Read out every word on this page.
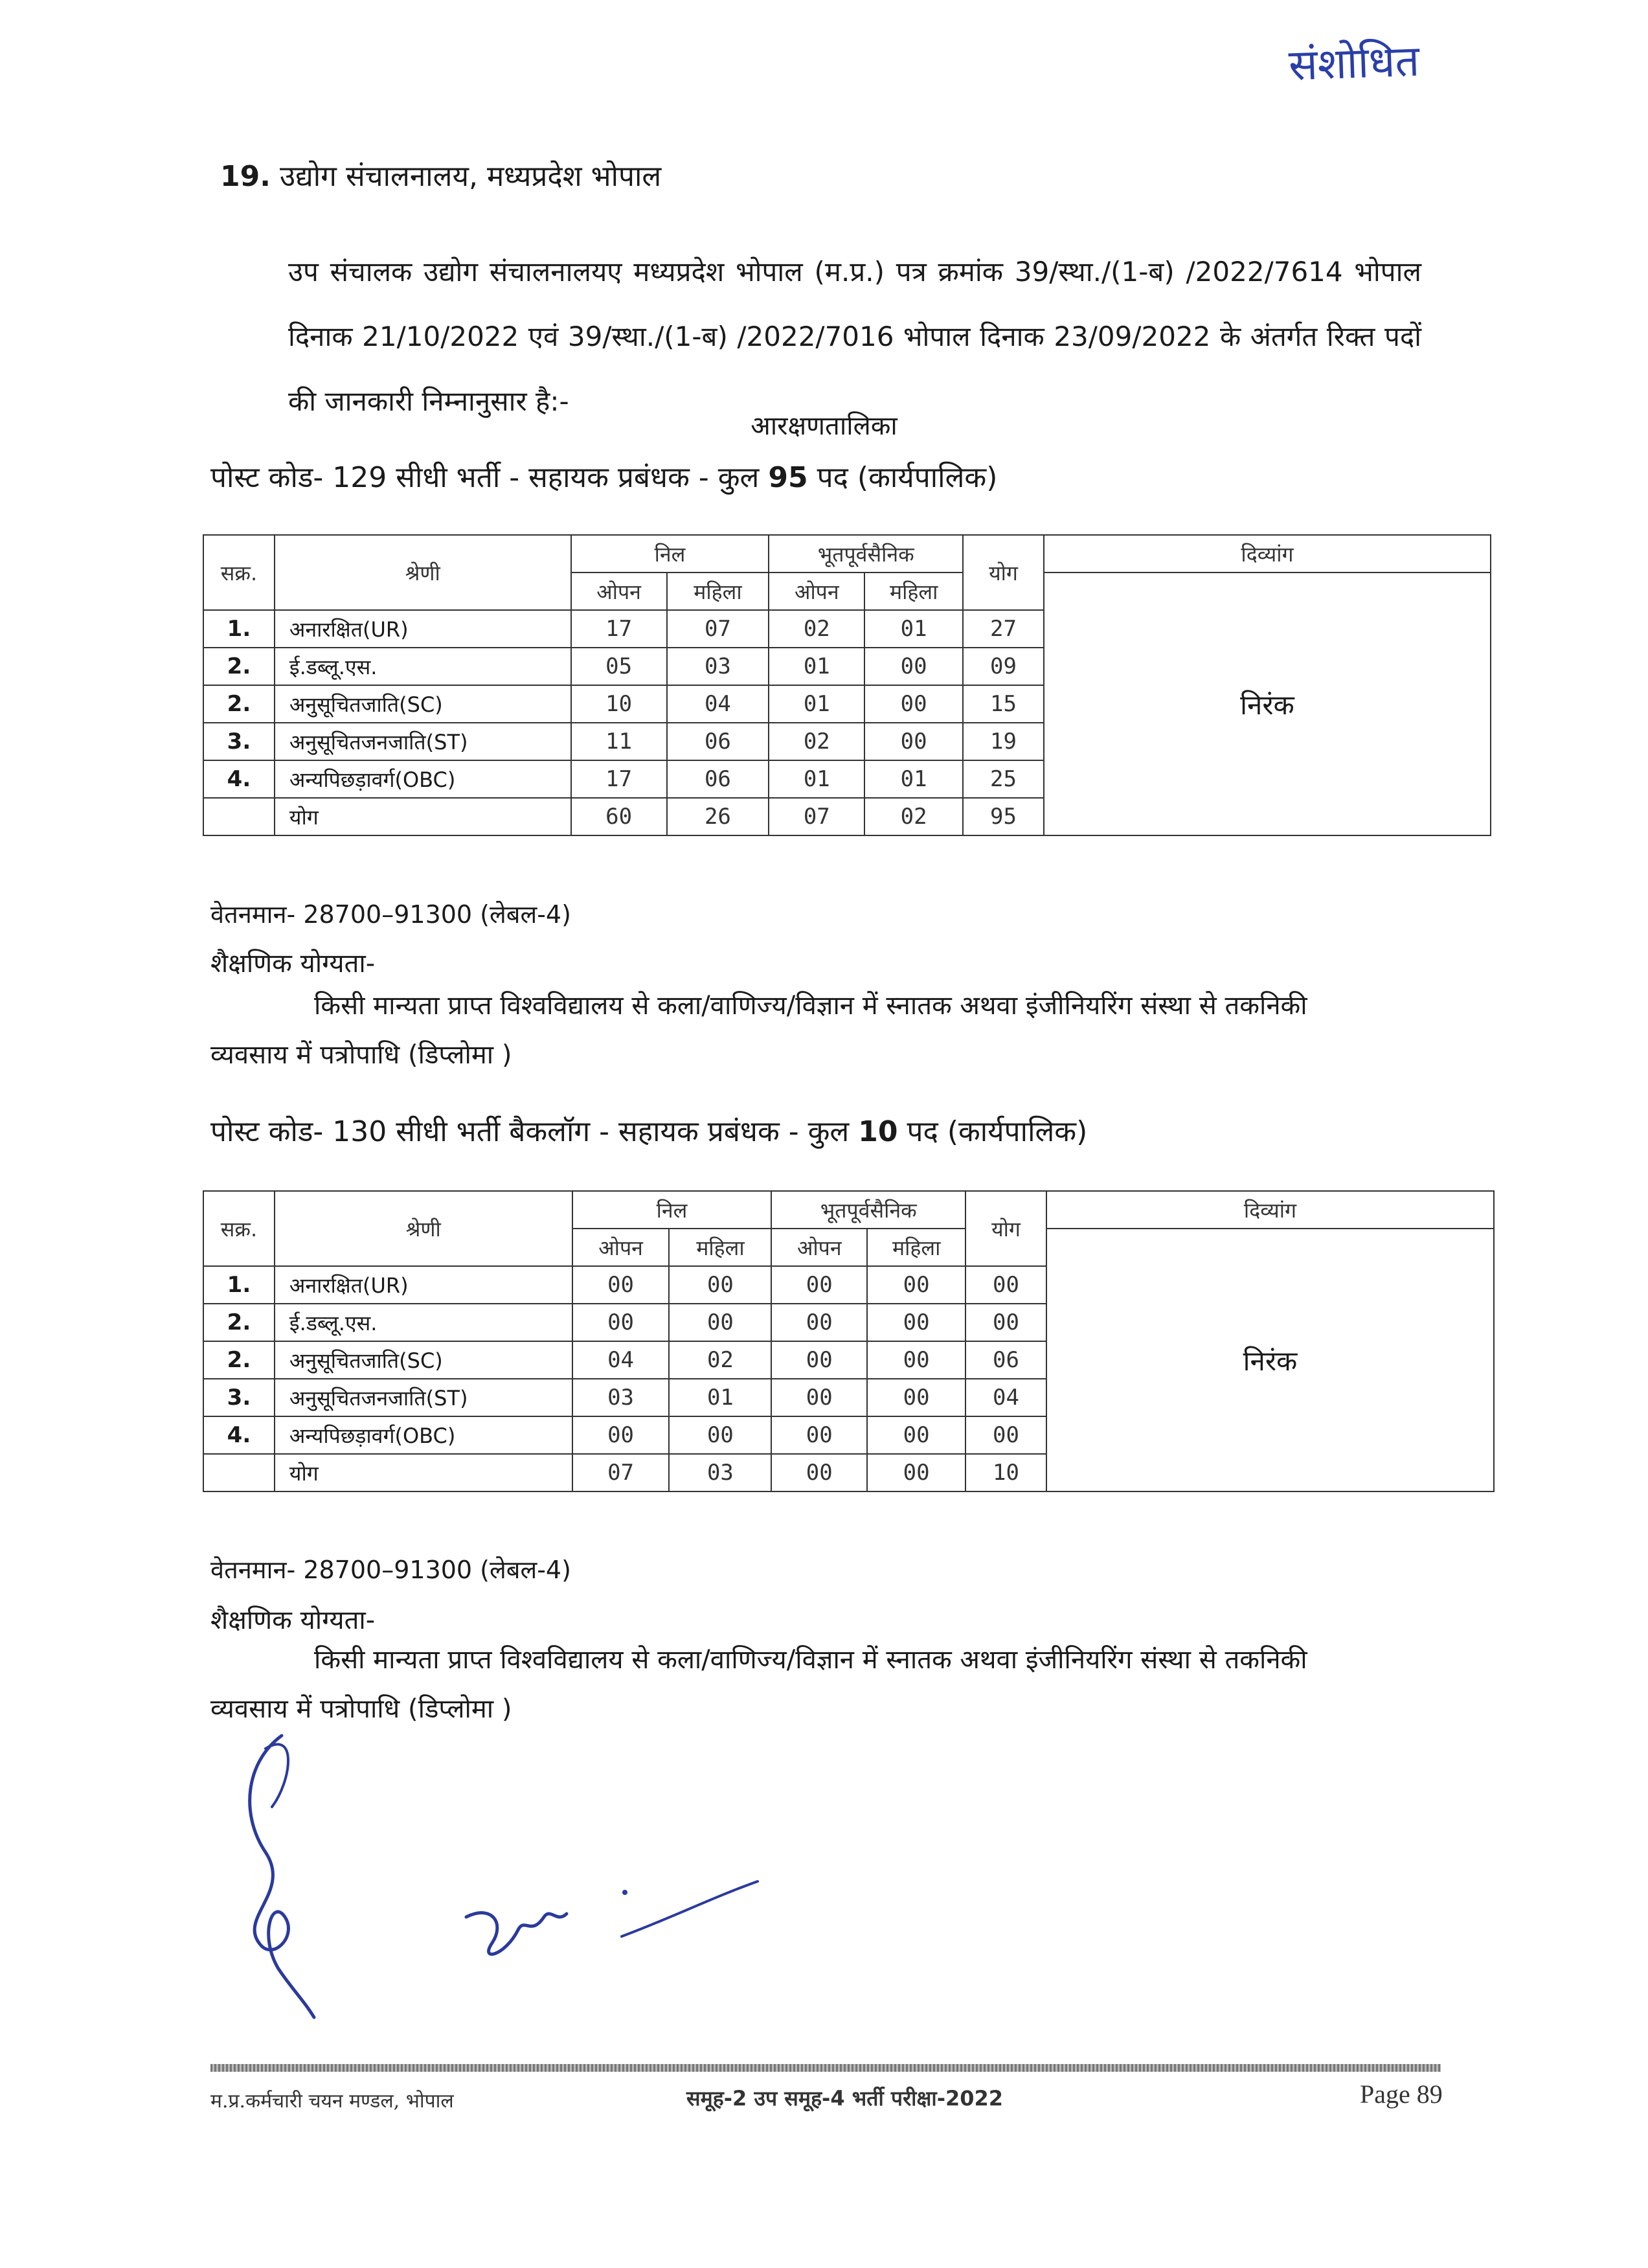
संशोधित
19. उद्योग संचालनालय, मध्यप्रदेश भोपाल
उप संचालक उद्योग संचालनालयए मध्यप्रदेश भोपाल (म.प्र.) पत्र क्रमांक 39/स्था./(1-ब) /2022/7614 भोपाल दिनाक 21/10/2022 एवं 39/स्था./(1-ब) /2022/7016 भोपाल दिनाक 23/09/2022 के अंतर्गत रिक्त पदों की जानकारी निम्नानुसार है:-
आरक्षणतालिका
पोस्ट कोड- 129 सीधी भर्ती - सहायक प्रबंधक - कुल 95 पद (कार्यपालिक)
सक्र.	श्रेणी	निल		भूतपूर्वसैनिक		योग	दिव्यांग
		ओपन	महिला	ओपन	महिला		निरंक
1.	अनारक्षित(UR)	17	07	02	01	27	
2.	ई.डब्लू.एस.	05	03	01	00	09	
2.	अनुसूचितजाति(SC)	10	04	01	00	15	
3.	अनुसूचितजनजाति(ST)	11	06	02	00	19	
4.	अन्यपिछड़ावर्ग(OBC)	17	06	01	01	25	
	योग	60	26	07	02	95	
वेतनमान- 28700–91300 (लेबल-4)
शैक्षणिक योग्यता-
किसी मान्यता प्राप्त विश्वविद्यालय से कला/वाणिज्य/विज्ञान में स्नातक अथवा इंजीनियरिंग संस्था से तकनिकी व्यवसाय में पत्रोपाधि (डिप्लोमा )
पोस्ट कोड- 130 सीधी भर्ती बैकलॉग - सहायक प्रबंधक - कुल 10 पद (कार्यपालिक)
सक्र.	श्रेणी	निल		भूतपूर्वसैनिक		योग	दिव्यांग
		ओपन	महिला	ओपन	महिला		निरंक
1.	अनारक्षित(UR)	00	00	00	00	00	
2.	ई.डब्लू.एस.	00	00	00	00	00	
2.	अनुसूचितजाति(SC)	04	02	00	00	06	
3.	अनुसूचितजनजाति(ST)	03	01	00	00	04	
4.	अन्यपिछड़ावर्ग(OBC)	00	00	00	00	00	
	योग	07	03	00	00	10	
वेतनमान- 28700–91300 (लेबल-4)
शैक्षणिक योग्यता-
किसी मान्यता प्राप्त विश्वविद्यालय से कला/वाणिज्य/विज्ञान में स्नातक अथवा इंजीनियरिंग संस्था से तकनिकी व्यवसाय में पत्रोपाधि (डिप्लोमा )
म.प्र.कर्मचारी चयन मण्डल, भोपाल	समूह-2 उप समूह-4 भर्ती परीक्षा-2022	Page 89
